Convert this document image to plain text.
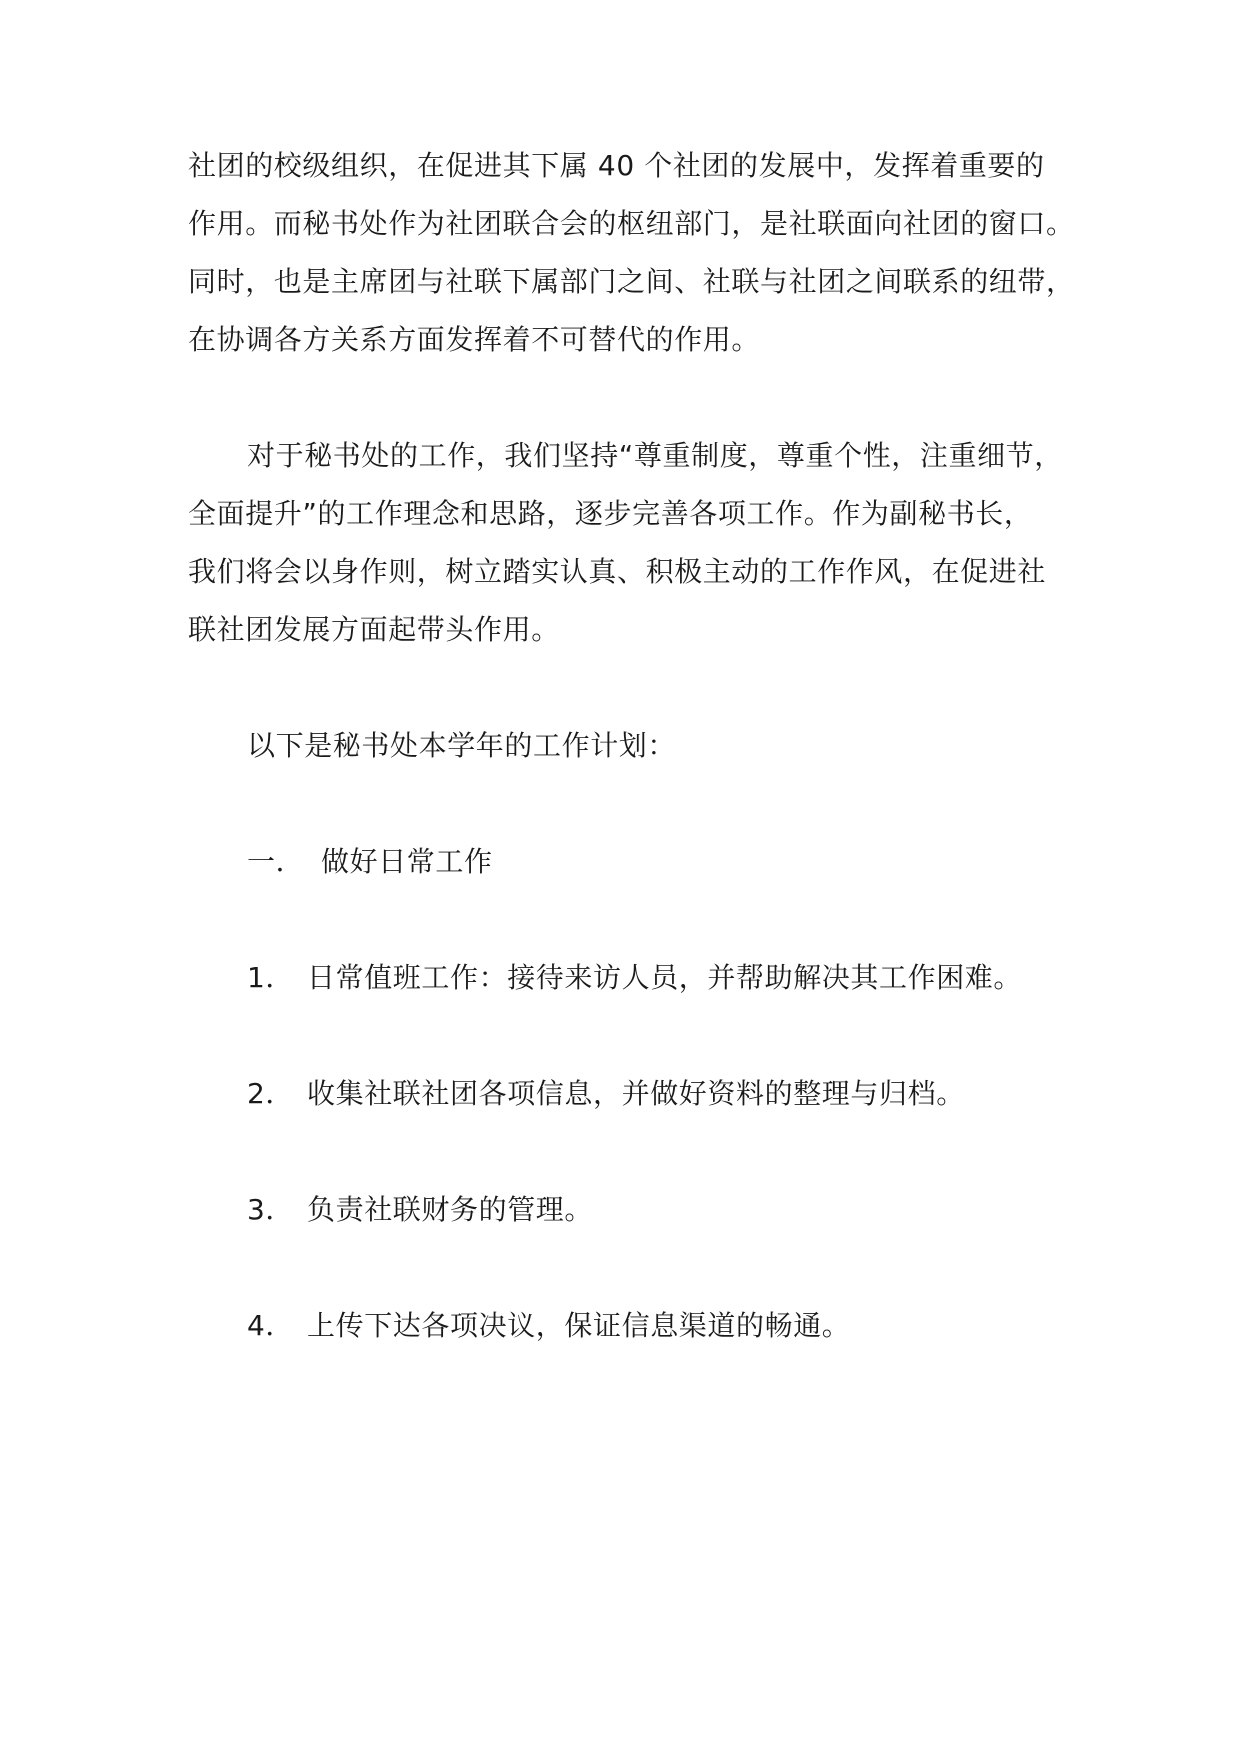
社团的校级组织，在促进其下属 40 个社团的发展中，发挥着重要的
作用。而秘书处作为社团联合会的枢纽部门，是社联面向社团的窗口。
同时，也是主席团与社联下属部门之间、社联与社团之间联系的纽带，
在协调各方关系方面发挥着不可替代的作用。
对于秘书处的工作，我们坚持“尊重制度，尊重个性，注重细节，
全面提升”的工作理念和思路，逐步完善各项工作。作为副秘书长，
我们将会以身作则，树立踏实认真、积极主动的工作作风，在促进社
联社团发展方面起带头作用。
以下是秘书处本学年的工作计划：
一． 做好日常工作
1． 日常值班工作：接待来访人员，并帮助解决其工作困难。
2． 收集社联社团各项信息，并做好资料的整理与归档。
3． 负责社联财务的管理。
4． 上传下达各项决议，保证信息渠道的畅通。
